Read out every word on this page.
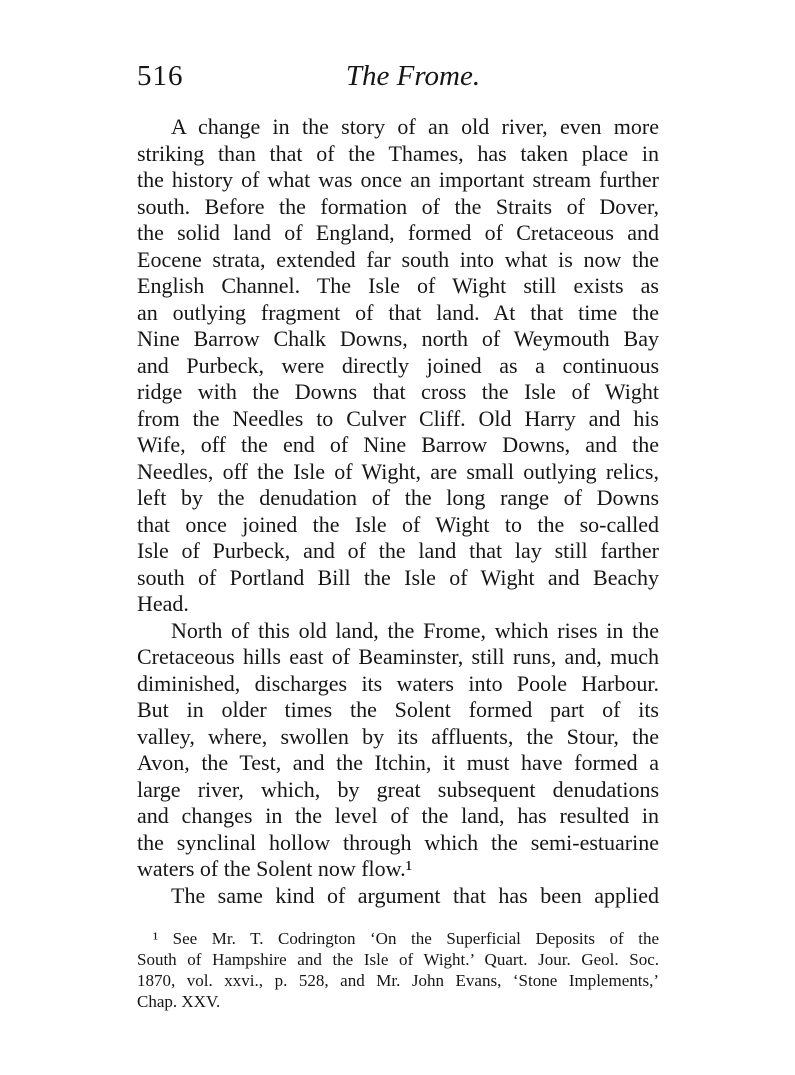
516	The Frome.
A change in the story of an old river, even more
striking than that of the Thames, has taken place in
the history of what was once an important stream further
south. Before the formation of the Straits of Dover,
the solid land of England, formed of Cretaceous and
Eocene strata, extended far south into what is now the
English Channel. The Isle of Wight still exists as
an outlying fragment of that land. At that time the
Nine Barrow Chalk Downs, north of Weymouth Bay
and Purbeck, were directly joined as a continuous
ridge with the Downs that cross the Isle of Wight
from the Needles to Culver Cliff. Old Harry and his
Wife, off the end of Nine Barrow Downs, and the
Needles, off the Isle of Wight, are small outlying relics,
left by the denudation of the long range of Downs
that once joined the Isle of Wight to the so-called
Isle of Purbeck, and of the land that lay still farther
south of Portland Bill the Isle of Wight and Beachy
Head.
North of this old land, the Frome, which rises in the
Cretaceous hills east of Beaminster, still runs, and, much
diminished, discharges its waters into Poole Harbour.
But in older times the Solent formed part of its
valley, where, swollen by its affluents, the Stour, the
Avon, the Test, and the Itchin, it must have formed a
large river, which, by great subsequent denudations
and changes in the level of the land, has resulted in
the synclinal hollow through which the semi-estuarine
waters of the Solent now flow.¹
The same kind of argument that has been applied
¹ See Mr. T. Codrington ‘On the Superficial Deposits of the
South of Hampshire and the Isle of Wight.’ Quart. Jour. Geol. Soc.
1870, vol. xxvi., p. 528, and Mr. John Evans, ‘Stone Implements,’
Chap. XXV.
